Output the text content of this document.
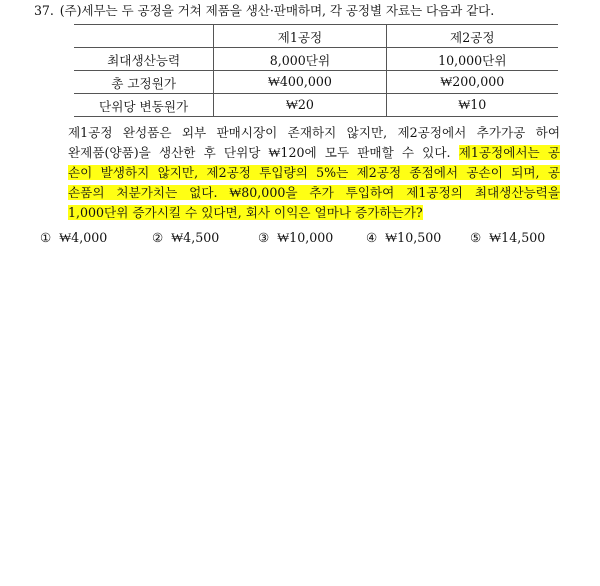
37. (주)세무는 두 공정을 거쳐 제품을 생산·판매하며, 각 공정별 자료는 다음과 같다.
	제1공정	제2공정
최대생산능력	8,000단위	10,000단위
총 고정원가	₩400,000	₩200,000
단위당 변동원가	₩20	₩10
제1공정 완성품은 외부 판매시장이 존재하지 않지만, 제2공정에서 추가가공 하여
완제품(양품)을 생산한 후 단위당 ₩120에 모두 판매할 수 있다. 제1공정에서는 공
손이 발생하지 않지만, 제2공정 투입량의 5%는 제2공정 종점에서 공손이 되며, 공
손품의 처분가치는 없다. ₩80,000을 추가 투입하여 제1공정의 최대생산능력을
1,000단위 증가시킬 수 있다면, 회사 이익은 얼마나 증가하는가?
① ₩4,000	② ₩4,500	③ ₩10,000	④ ₩10,500 ⑤ ₩14,500
